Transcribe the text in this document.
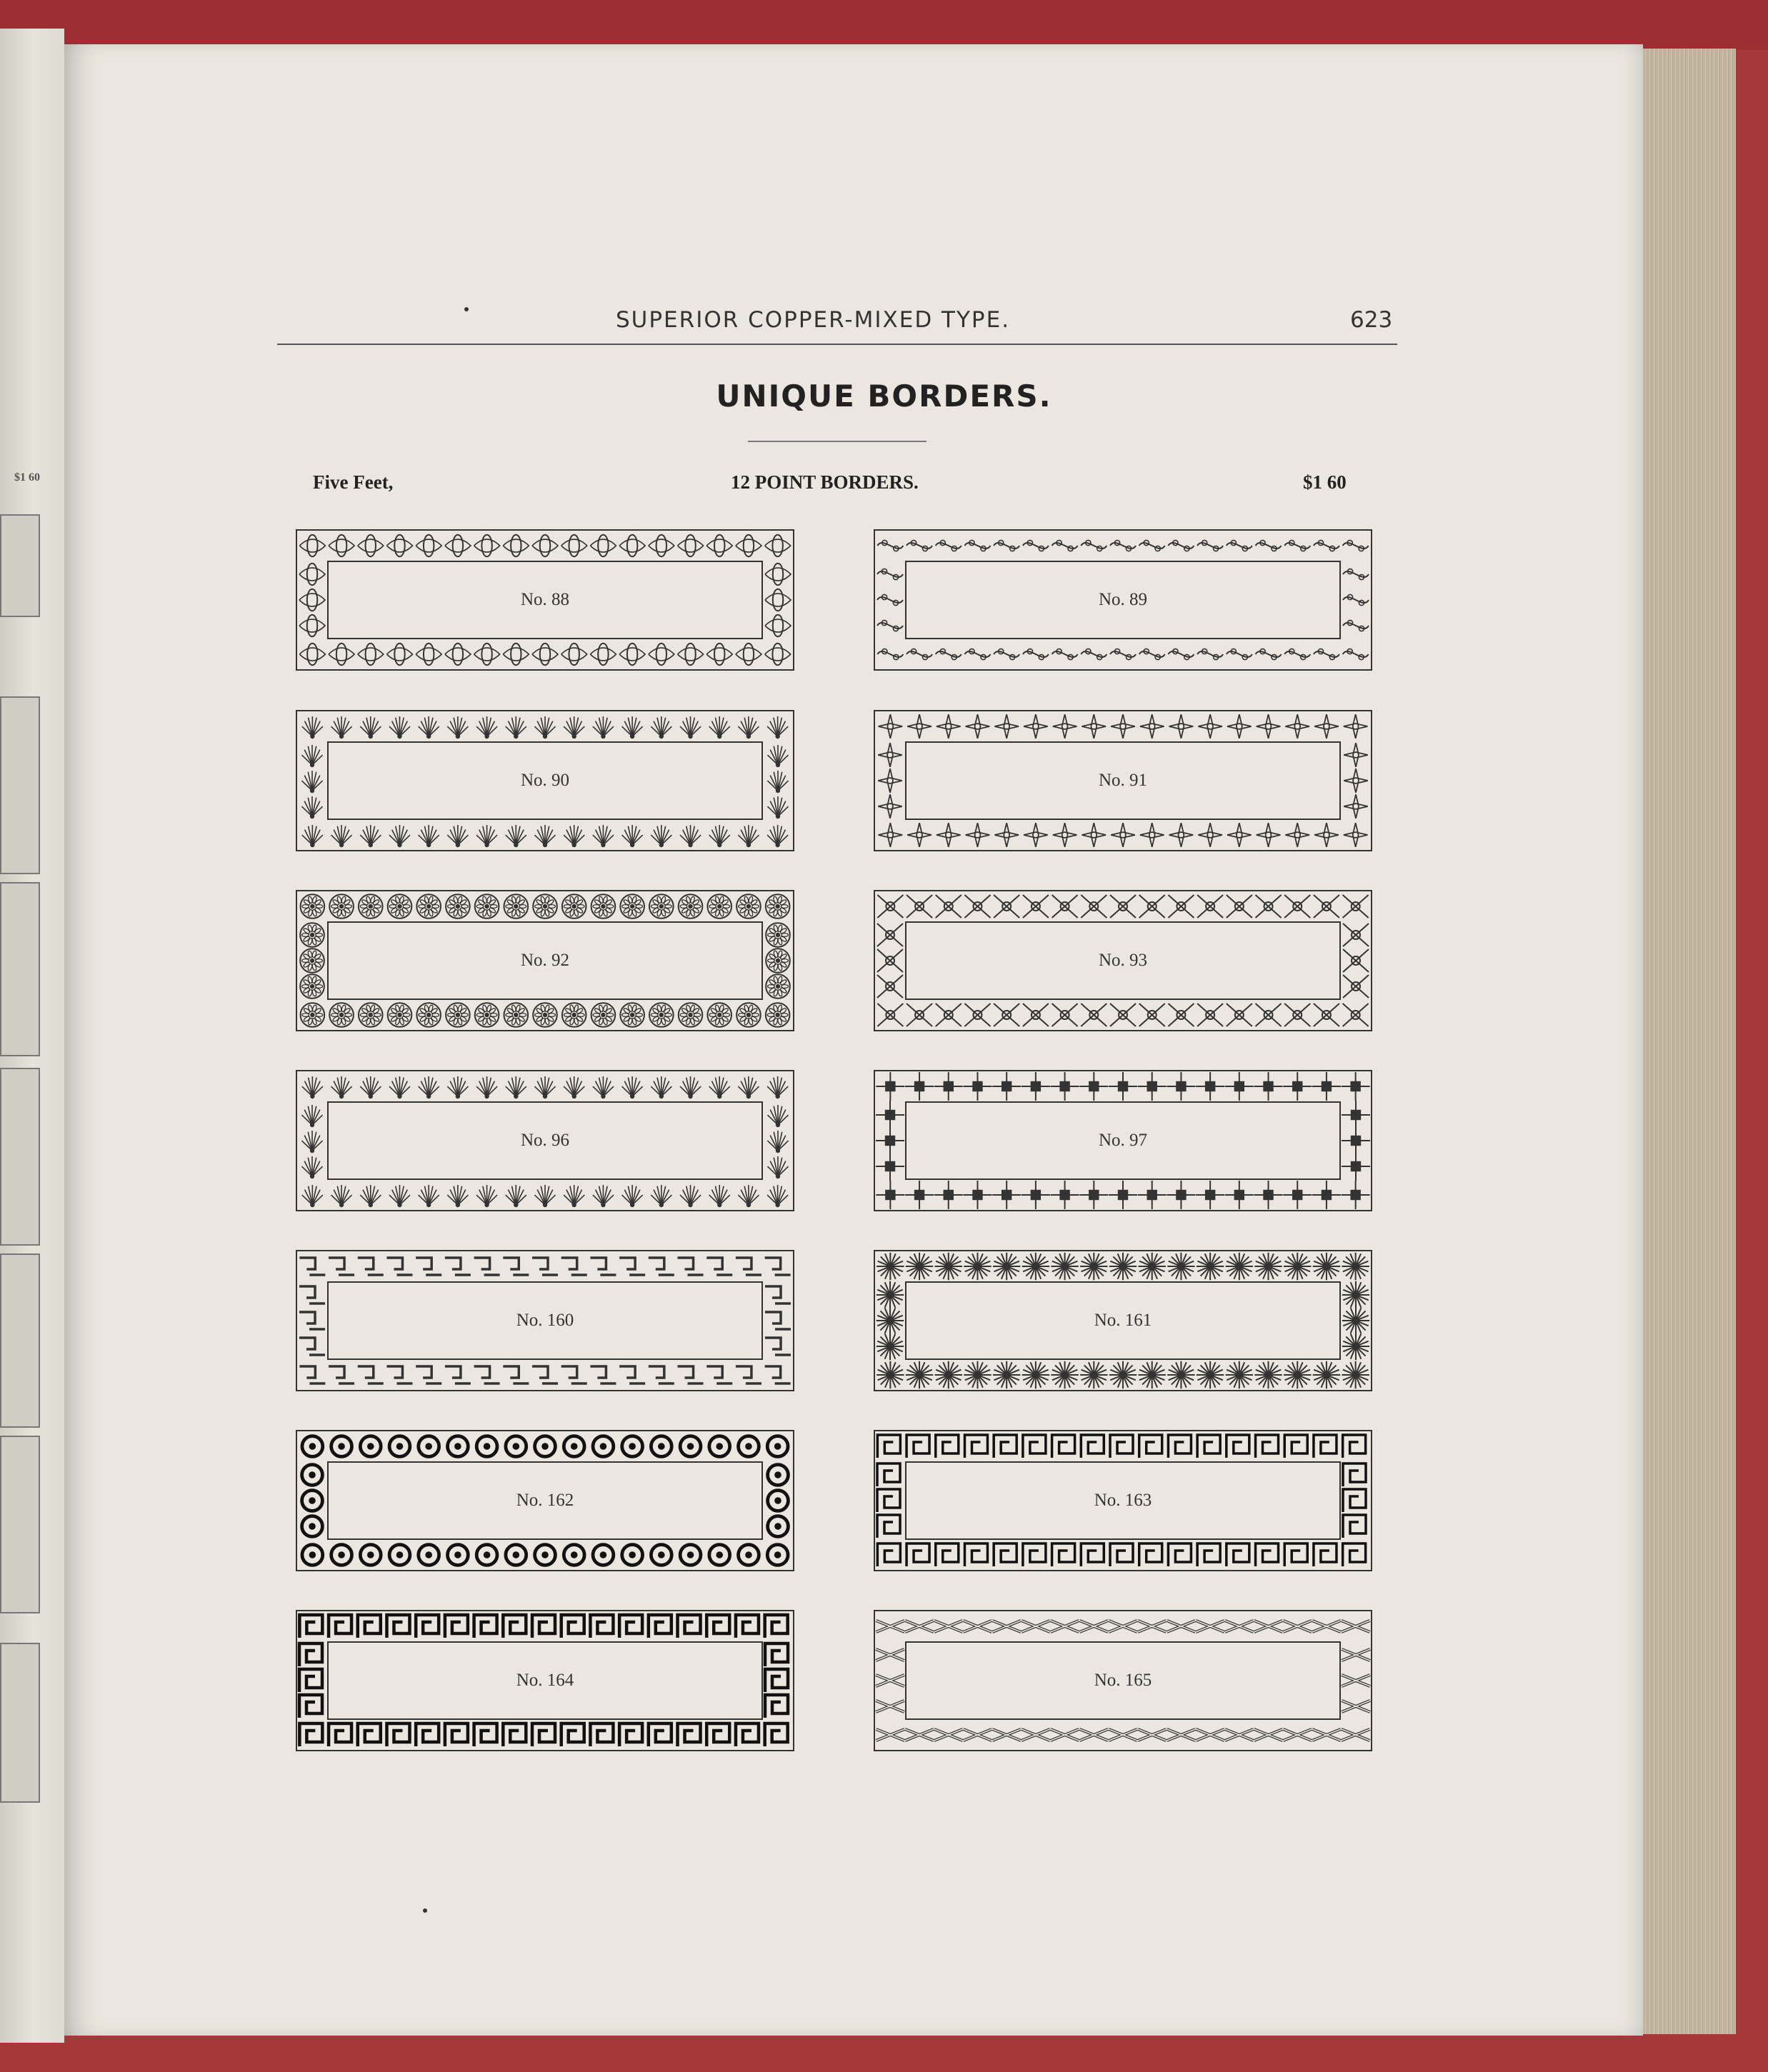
$1 60
SUPERIOR COPPER-MIXED TYPE.	623
UNIQUE BORDERS.
Five Feet,	12 POINT BORDERS.	$1 60
No. 88	No. 89
No. 90	No. 91
No. 92	No. 93
No. 96	No. 97
No. 160	No. 161
No. 162	No. 163
No. 164	No. 165
